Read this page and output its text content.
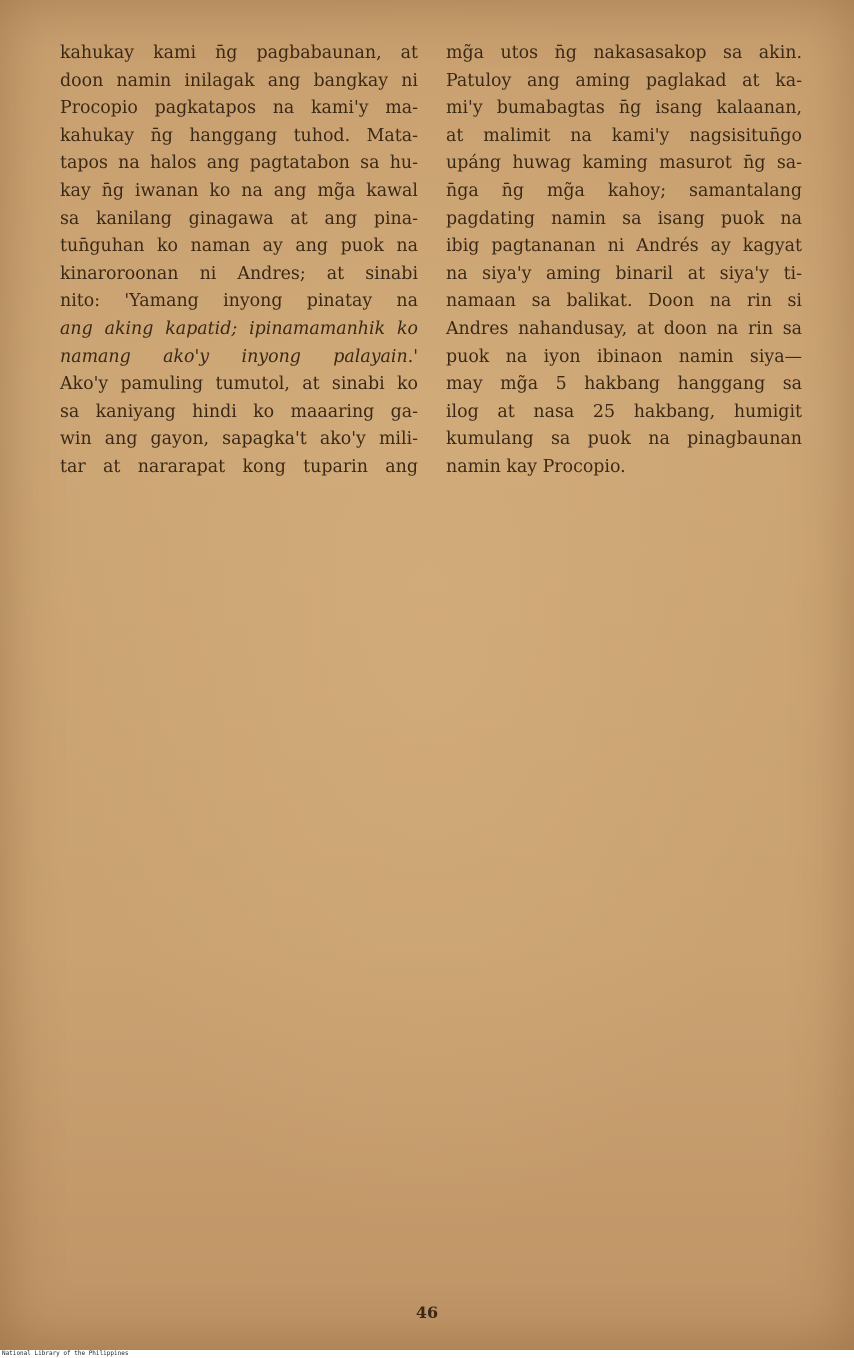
kahukay kami n̄g pagbabaunan, at
doon namin inilagak ang bangkay ni
Procopio pagkatapos na kami'y ma-
kahukay n̄g hanggang tuhod. Mata-
tapos na halos ang pagtatabon sa hu-
kay n̄g iwanan ko na ang mg̃a kawal
sa kanilang ginagawa at ang pina-
tun̄guhan ko naman ay ang puok na
kinaroroonan ni Andres; at sinabi
nito: 'Yamang inyong pinatay na
ang aking kapatid; ipinamamanhik ko
namang ako'y inyong palayain.'
Ako'y pamuling tumutol, at sinabi ko
sa kaniyang hindi ko maaaring ga-
win ang gayon, sapagka't ako'y mili-
tar at nararapat kong tuparin ang
mg̃a utos n̄g nakasasakop sa akin.
Patuloy ang aming paglakad at ka-
mi'y bumabagtas n̄g isang kalaanan,
at malimit na kami'y nagsisitun̄go
upáng huwag kaming masurot n̄g sa-
n̄ga n̄g mg̃a kahoy; samantalang
pagdating namin sa isang puok na
ibig pagtananan ni Andrés ay kagyat
na siya'y aming binaril at siya'y ti-
namaan sa balikat. Doon na rin si
Andres nahandusay, at doon na rin sa
puok na iyon ibinaon namin siya—
may mg̃a 5 hakbang hanggang sa
ilog at nasa 25 hakbang, humigit
kumulang sa puok na pinagbaunan
namin kay Procopio.
46
National Library of the Philippines
